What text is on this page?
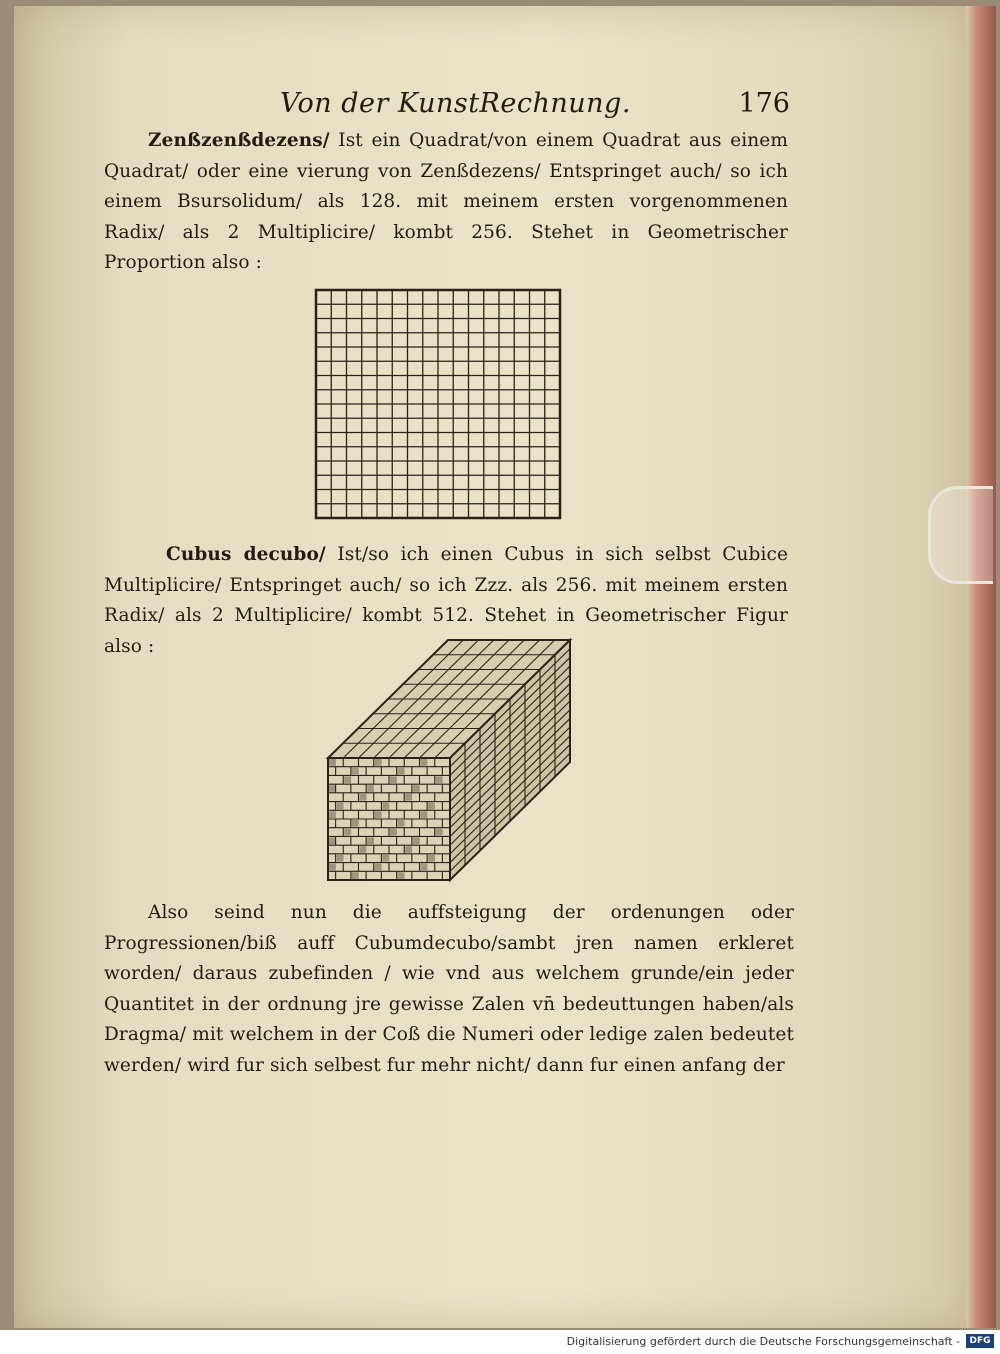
Von der KunstRechnung.	176

Zenßzenßdezens/ Ist ein Quadrat/von einem Quadrat aus einem Quadrat/ oder eine vierung von Zenßdezens/ Entspringet auch/ so ich einem Bsursolidum/ als 128. mit meinem ersten vorgenommenen Radix/ als 2 Multiplicire/ kombt 256. Stehet in Geometrischer Proportion also :

Cubus decubo/ Ist/so ich einen Cubus in sich selbst Cubice Multiplicire/ Entspringet auch/ so ich Zzz. als 256. mit meinem ersten Radix/ als 2 Multiplicire/ kombt 512. Stehet in Geometrischer Figur also :

Also seind nun die auffsteigung der ordenungen oder Progressionen/biß auff Cubumdecubo/sambt jren namen erkleret worden/ daraus zubefinden / wie vnd aus welchem grunde/ein jeder Quantitet in der ordnung jre gewisse Zalen vn̄ bedeuttungen haben/als Dragma/ mit welchem in der Coß die Numeri oder ledige zalen bedeutet werden/ wird fur sich selbest fur mehr nicht/ dann fur einen anfang der

Digitalisierung gefördert durch die Deutsche Forschungsgemeinschaft -	DFG
